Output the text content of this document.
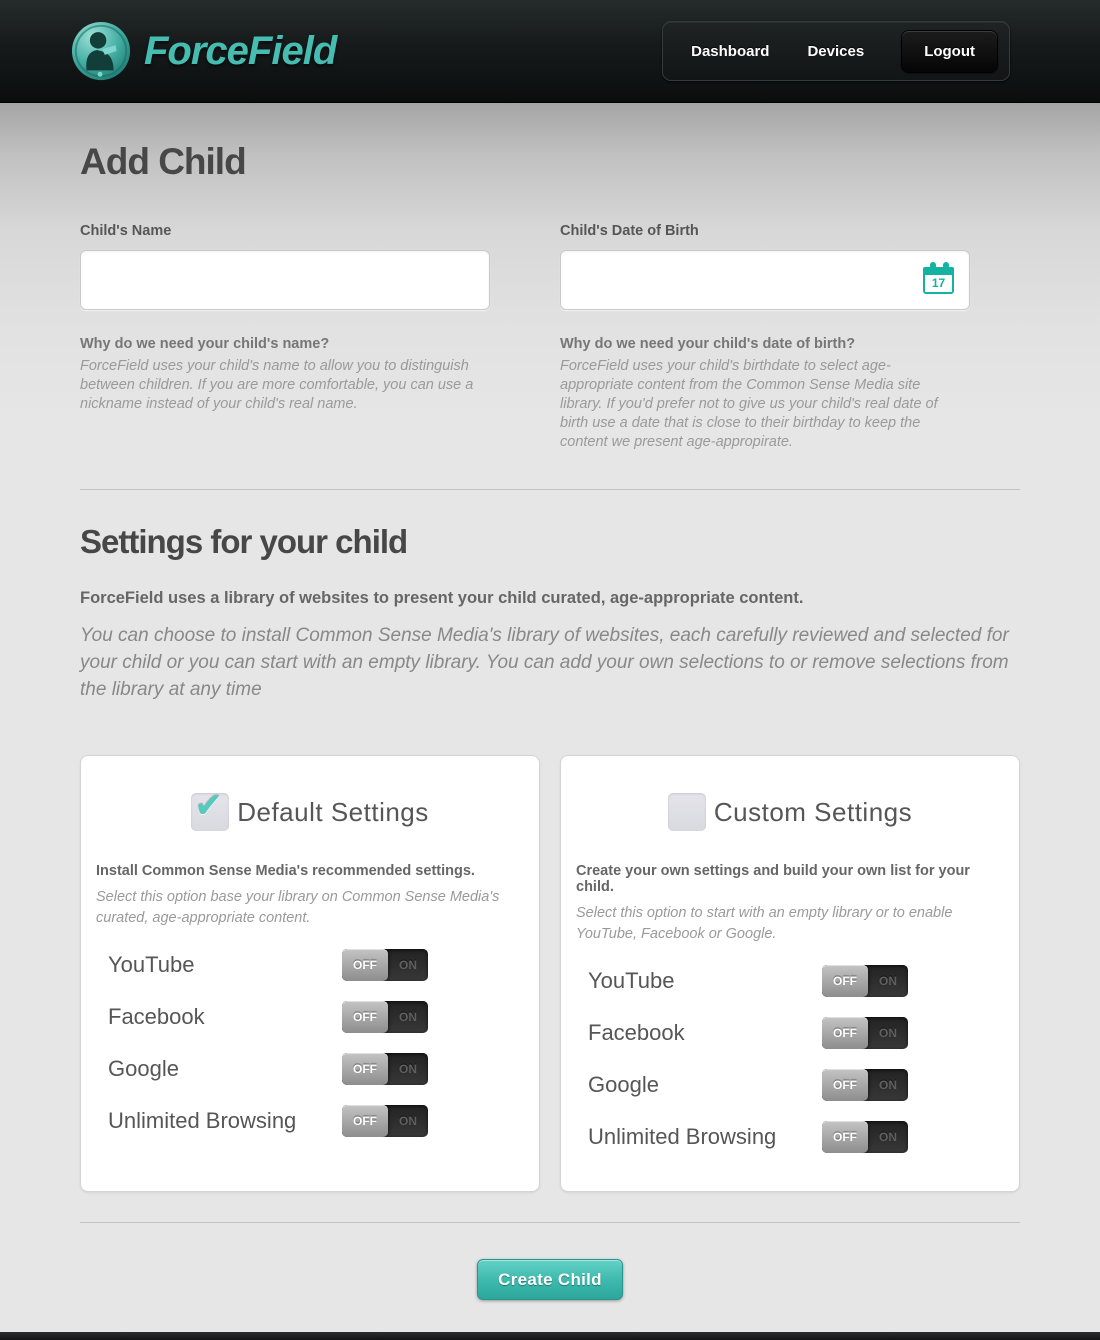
ForceField	Dashboard	Devices	Logout
Add Child
Child's Name	Child's Date of Birth
17
Why do we need your child's name?
ForceField uses your child's name to allow you to distinguish between children. If you are more comfortable, you can use a nickname instead of your child's real name.
Why do we need your child's date of birth?
ForceField uses your child's birthdate to select age-appropriate content from the Common Sense Media site library. If you'd prefer not to give us your child's real date of birth use a date that is close to their birthday to keep the content we present age-appropirate.
Settings for your child

ForceField uses a library of websites to present your child curated, age-appropriate content.

You can choose to install Common Sense Media's library of websites, each carefully reviewed and selected for your child or you can start with an empty library. You can add your own selections to or remove selections from the library at any time

✔ Default Settings
Install Common Sense Media's recommended settings.
Select this option base your library on Common Sense Media's curated, age-appropriate content.
YouTube	OFF	ON
Facebook	OFF	ON
Google	OFF	ON
Unlimited Browsing	OFF	ON
Custom Settings
Create your own settings and build your own list for your child.
Select this option to start with an empty library or to enable YouTube, Facebook or Google.
YouTube	OFF	ON
Facebook	OFF	ON
Google	OFF	ON
Unlimited Browsing	OFF	ON
Create Child
